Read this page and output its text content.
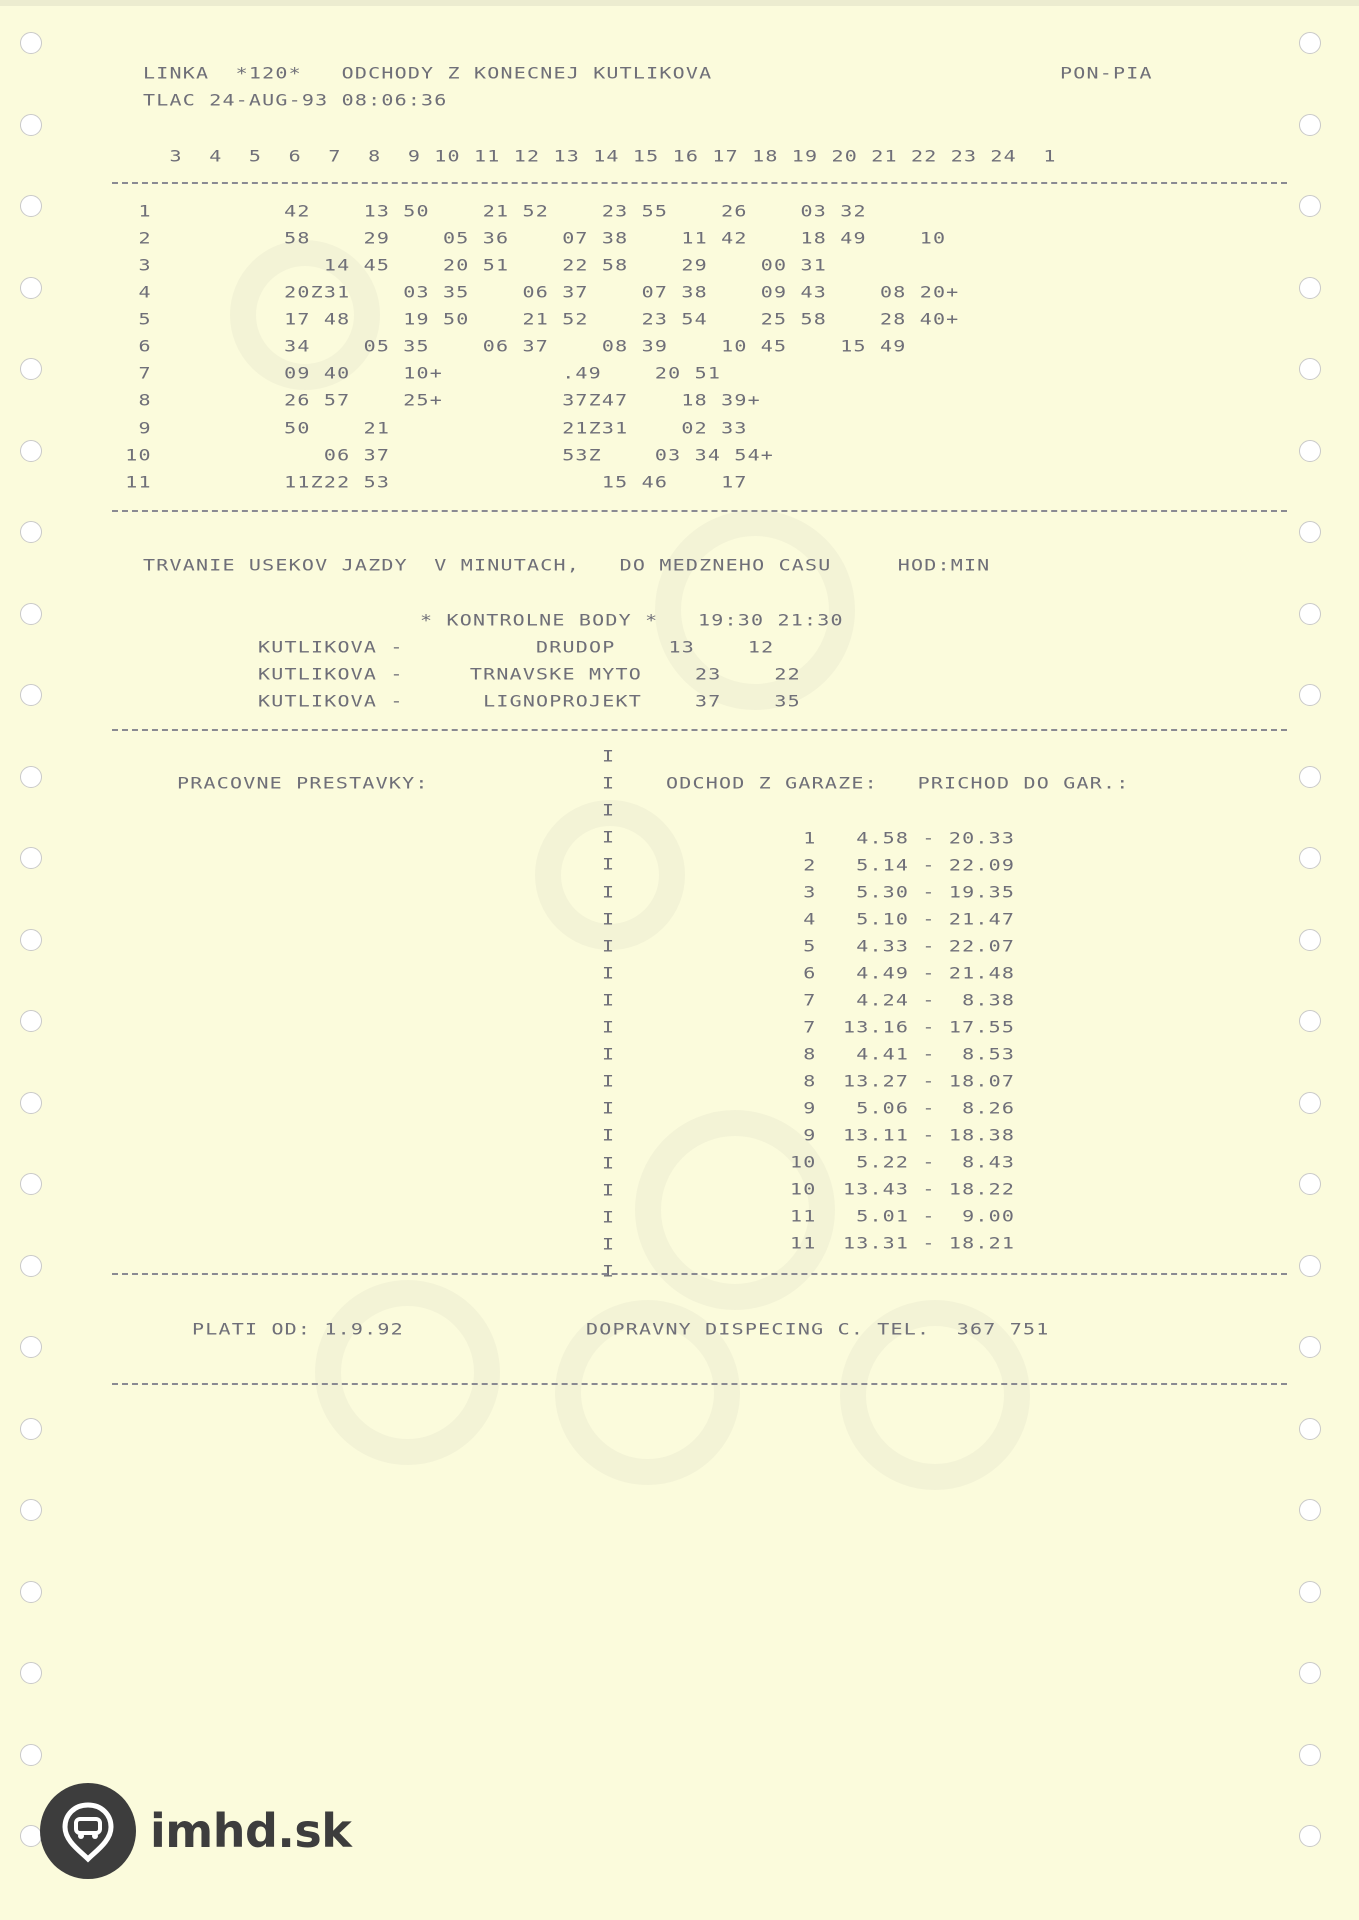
LINKA  *120*   ODCHODY Z KONECNEJ KUTLIKOVA	PON-PIA
TLAC 24-AUG-93 08:06:36
3  4  5  6  7  8  9 10 11 12 13 14 15 16 17 18 19 20 21 22 23 24  1
1          42    13 50    21 52    23 55    26    03 32
2          58    29    05 36    07 38    11 42    18 49    10
3             14 45    20 51    22 58    29    00 31
4          20Z31    03 35    06 37    07 38    09 43    08 20+
5          17 48    19 50    21 52    23 54    25 58    28 40+
6          34    05 35    06 37    08 39    10 45    15 49
7          09 40    10+         .49    20 51
8          26 57    25+         37Z47    18 39+
9          50    21             21Z31    02 33
10             06 37             53Z    03 34 54+
11          11Z22 53                15 46    17
TRVANIE USEKOV JAZDY  V MINUTACH,   DO MEDZNEHO CASU     HOD:MIN
* KONTROLNE BODY *   19:30 21:30
KUTLIKOVA -          DRUDOP    13    12
KUTLIKOVA -     TRNAVSKE MYTO    23    22
KUTLIKOVA -      LIGNOPROJEKT    37    35
PRACOVNE PRESTAVKY:	ODCHOD Z GARAZE:   PRICHOD DO GAR.:
I
I
I
I
I
I
I
I
I
I
I
I
I
I
I
I
I
I
I
I
1   4.58 - 20.33
2   5.14 - 22.09
3   5.30 - 19.35
4   5.10 - 21.47
5   4.33 - 22.07
6   4.49 - 21.48
7   4.24 -  8.38
7  13.16 - 17.55
8   4.41 -  8.53
8  13.27 - 18.07
9   5.06 -  8.26
9  13.11 - 18.38
10   5.22 -  8.43
10  13.43 - 18.22
11   5.01 -  9.00
11  13.31 - 18.21
PLATI OD: 1.9.92	DOPRAVNY DISPECING C. TEL.  367 751
imhd.sk
